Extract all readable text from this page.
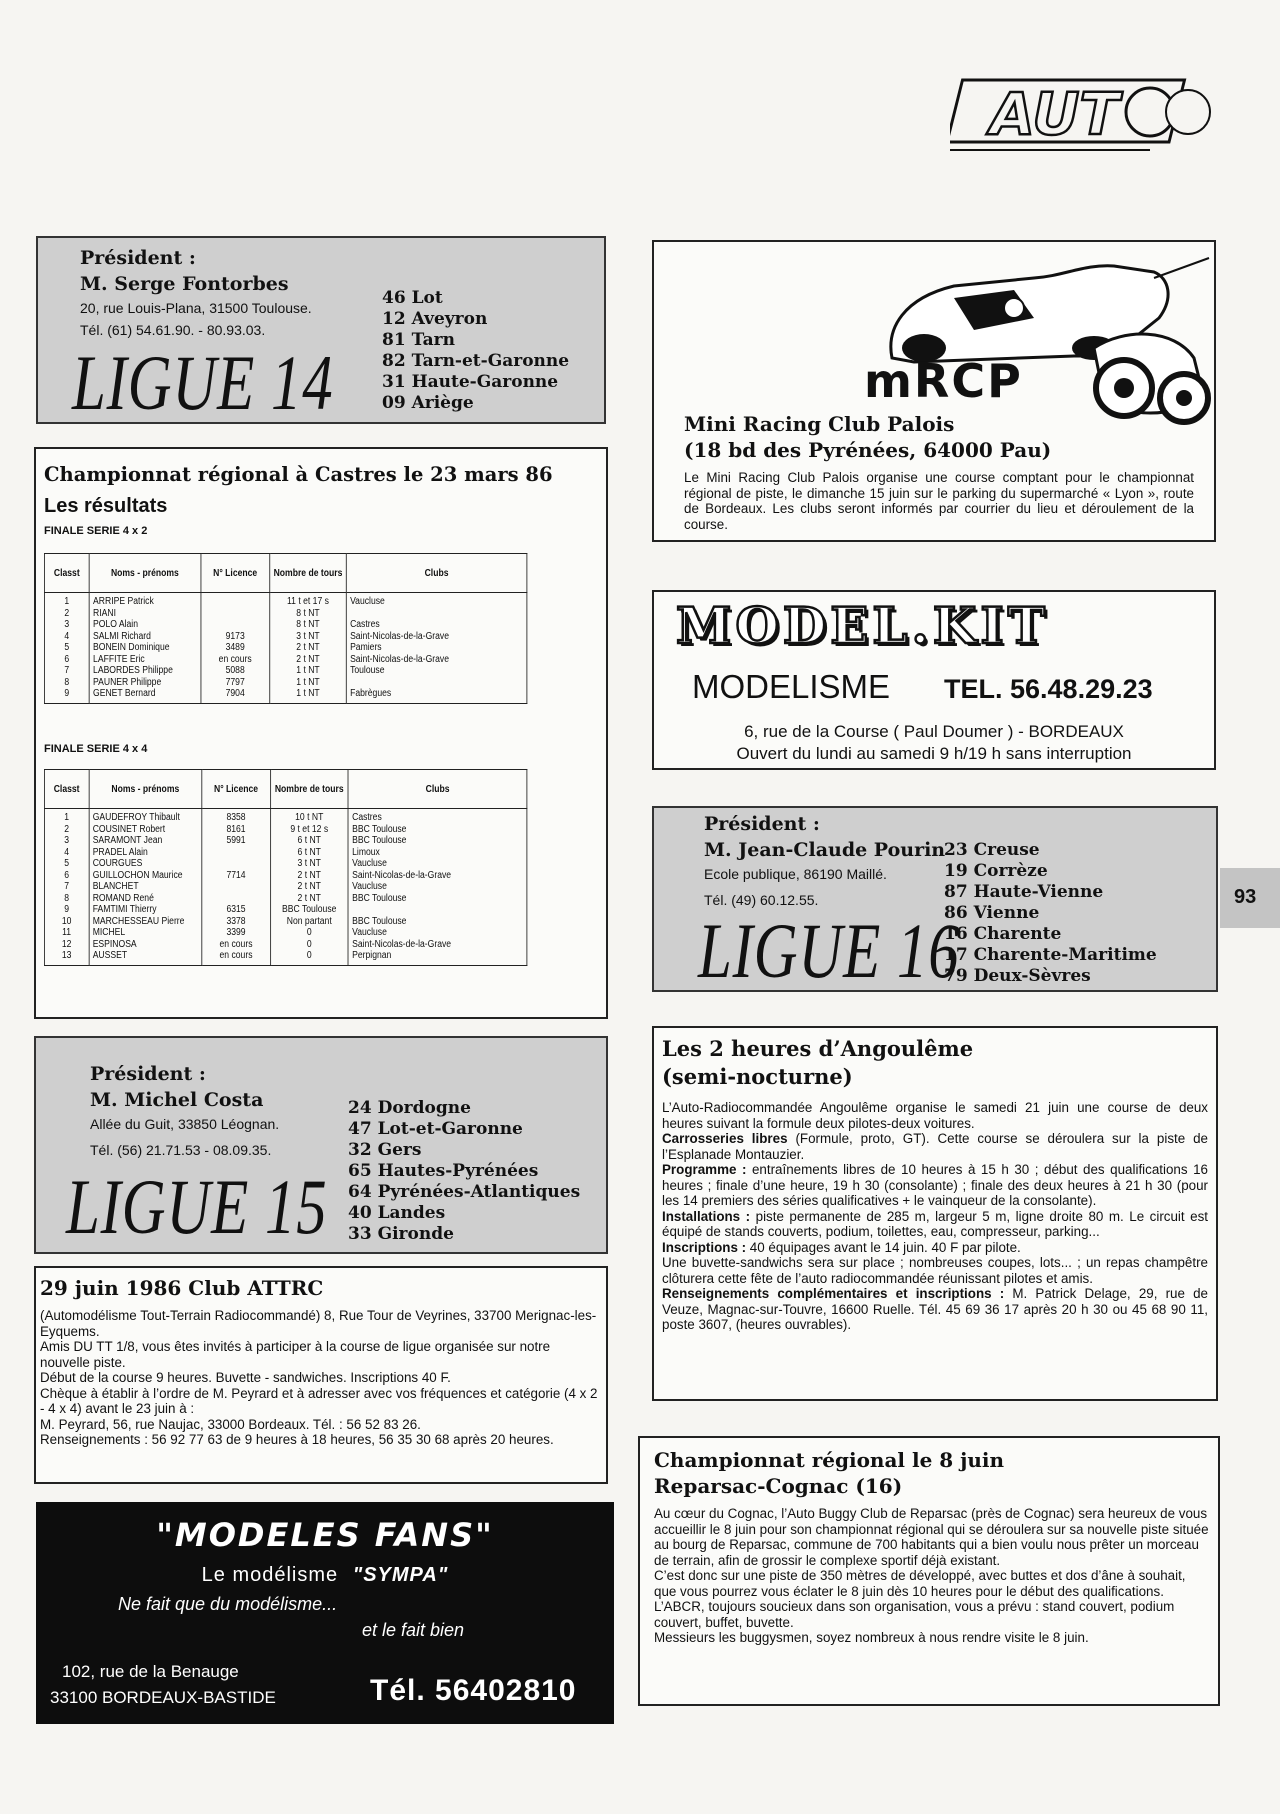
AUT
93
Président :
M. Serge Fontorbes
20, rue Louis-Plana, 31500 Toulouse.
Tél. (61) 54.61.90. - 80.93.03.
LIGUE 14
46 Lot
12 Aveyron
81 Tarn
82 Tarn-et-Garonne
31 Haute-Garonne
09 Ariège	mRCP
Mini Racing Club Palois
(18 bd des Pyrénées, 64000 Pau)
Le Mini Racing Club Palois organise une course comptant pour le championnat régional de piste, le dimanche 15 juin sur le parking du supermarché « Lyon », route de Bordeaux. Les clubs seront informés par courrier du lieu et déroulement de la course.
Championnat régional à Castres le 23 mars 86
Les résultats
FINALE SERIE 4 x 2
Classt	Noms - prénoms	N° Licence	Nombre de tours	Clubs
1	ARRIPE Patrick		11 t et 17 s	Vaucluse
2	RIANI		8 t NT	
3	POLO Alain		8 t NT	Castres
4	SALMI Richard	9173	3 t NT	Saint-Nicolas-de-la-Grave
5	BONEIN Dominique	3489	2 t NT	Pamiers
6	LAFFITE Eric	en cours	2 t NT	Saint-Nicolas-de-la-Grave
7	LABORDES Philippe	5088	1 t NT	Toulouse
8	PAUNER Philippe	7797	1 t NT	
9	GENET Bernard	7904	1 t NT	Fabrègues
FINALE SERIE 4 x 4
Classt	Noms - prénoms	N° Licence	Nombre de tours	Clubs
1	GAUDEFROY Thibault	8358	10 t NT	Castres
2	COUSINET Robert	8161	9 t et 12 s	BBC Toulouse
3	SARAMONT Jean	5991	6 t NT	BBC Toulouse
4	PRADEL Alain		6 t NT	Limoux
5	COURGUES		3 t NT	Vaucluse
6	GUILLOCHON Maurice	7714	2 t NT	Saint-Nicolas-de-la-Grave
7	BLANCHET		2 t NT	Vaucluse
8	ROMAND René		2 t NT	BBC Toulouse
9	FAMTIMI Thierry	6315	BBC Toulouse	
10	MARCHESSEAU Pierre	3378	Non partant	BBC Toulouse
11	MICHEL	3399	0	Vaucluse
12	ESPINOSA	en cours	0	Saint-Nicolas-de-la-Grave
13	AUSSET	en cours	0	Perpignan
MODEL.KIT
MODELISME TEL. 56.48.29.23
6, rue de la Course ( Paul Doumer ) - BORDEAUX
Ouvert du lundi au samedi 9 h/19 h sans interruption
Président :
M. Jean-Claude Pourin
Ecole publique, 86190 Maillé.
Tél. (49) 60.12.55.
LIGUE 16
23 Creuse
19 Corrèze
87 Haute-Vienne
86 Vienne
16 Charente
17 Charente-Maritime
79 Deux-Sèvres
Président :
M. Michel Costa
Allée du Guit, 33850 Léognan.
Tél. (56) 21.71.53 - 08.09.35.
LIGUE 15
24 Dordogne
47 Lot-et-Garonne
32 Gers
65 Hautes-Pyrénées
64 Pyrénées-Atlantiques
40 Landes
33 Gironde
Les 2 heures d’Angoulême
(semi-nocturne)

L’Auto-Radiocommandée Angoulême organise le samedi 21 juin une course de deux heures suivant la formule deux pilotes-deux voitures.

Carrosseries libres (Formule, proto, GT). Cette course se déroulera sur la piste de l’Esplanade Montauzier.

Programme : entraînements libres de 10 heures à 15 h 30 ; début des qualifications 16 heures ; finale d’une heure, 19 h 30 (consolante) ; finale des deux heures à 21 h 30 (pour les 14 premiers des séries qualificatives + le vainqueur de la consolante).

Installations : piste permanente de 285 m, largeur 5 m, ligne droite 80 m. Le circuit est équipé de stands couverts, podium, toilettes, eau, compresseur, parking...

Inscriptions : 40 équipages avant le 14 juin. 40 F par pilote.

Une buvette-sandwichs sera sur place ; nombreuses coupes, lots... ; un repas champêtre clôturera cette fête de l’auto radiocommandée réunissant pilotes et amis.

Renseignements complémentaires et inscriptions : M. Patrick Delage, 29, rue de Veuze, Magnac-sur-Touvre, 16600 Ruelle. Tél. 45 69 36 17 après 20 h 30 ou 45 68 90 11, poste 3607, (heures ouvrables).

29 juin 1986 Club ATTRC
(Automodélisme Tout-Terrain Radiocommandé) 8, Rue Tour de Veyrines, 33700 Merignac-les-Eyquems.
Amis DU TT 1/8, vous êtes invités à participer à la course de ligue organisée sur notre nouvelle piste.
Début de la course 9 heures. Buvette - sandwiches. Inscriptions 40 F.
Chèque à établir à l’ordre de M. Peyrard et à adresser avec vos fréquences et catégorie (4 x 2 - 4 x 4) avant le 23 juin à :
M. Peyrard, 56, rue Naujac, 33000 Bordeaux. Tél. : 56 52 83 26.
Renseignements : 56 92 77 63 de 9 heures à 18 heures, 56 35 30 68 après 20 heures.
"MODELES FANS"
Le modélisme "SYMPA"
Ne fait que du modélisme...
et le fait bien
102, rue de la Benauge
33100 BORDEAUX-BASTIDE	Tél. 56402810
Championnat régional le 8 juin
Reparsac-Cognac (16)
Au cœur du Cognac, l’Auto Buggy Club de Reparsac (près de Cognac) sera heureux de vous accueillir le 8 juin pour son championnat régional qui se déroulera sur sa nouvelle piste située au bourg de Reparsac, commune de 700 habitants qui a bien voulu nous prêter un morceau de terrain, afin de grossir le complexe sportif déjà existant.
C’est donc sur une piste de 350 mètres de développé, avec buttes et dos d’âne à souhait, que vous pourrez vous éclater le 8 juin dès 10 heures pour le début des qualifications.
L’ABCR, toujours soucieux dans son organisation, vous a prévu : stand couvert, podium couvert, buffet, buvette.
Messieurs les buggysmen, soyez nombreux à nous rendre visite le 8 juin.
